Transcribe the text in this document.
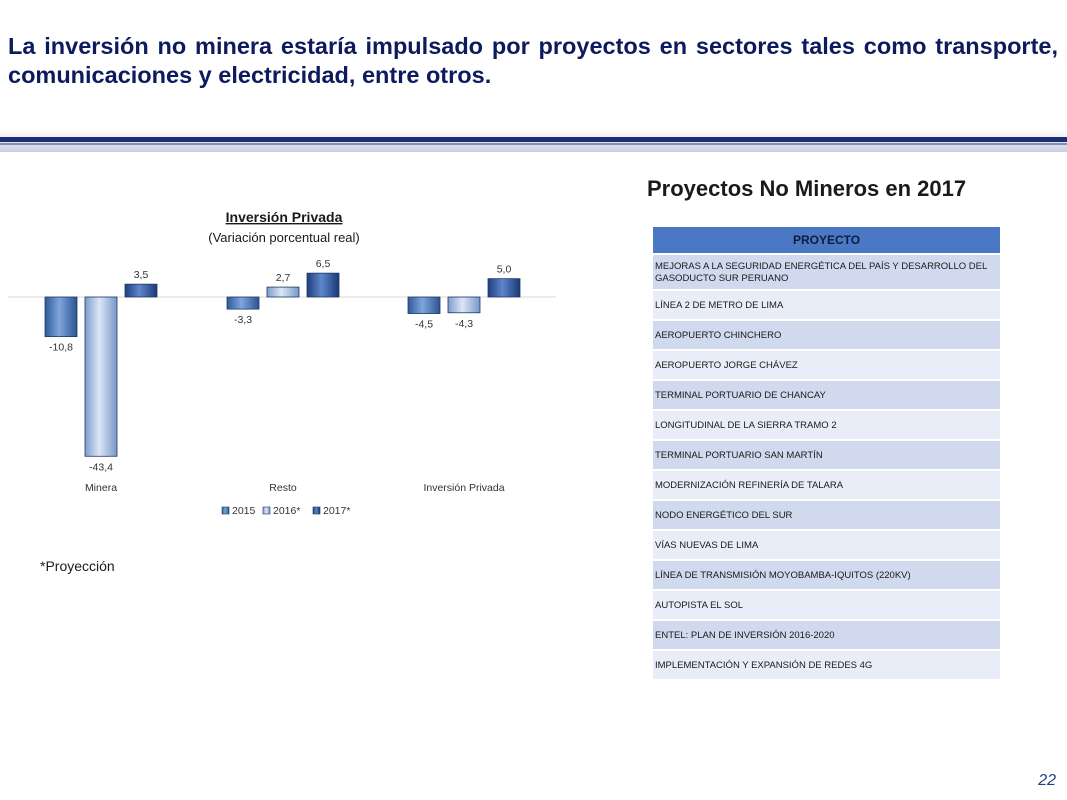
La inversión no minera estaría impulsado por proyectos en sectores tales como transporte, comunicaciones y electricidad, entre otros.
Inversión Privada
(Variación porcentual real)
-10,8
-43,4
3,5
-3,3
2,7
6,5
-4,5 -4,3
5,0
Minera	Resto	Inversión Privada
2015 2016* 2017*
*Proyección
Proyectos No Mineros en 2017
PROYECTO
MEJORAS A LA SEGURIDAD ENERGÉTICA DEL PAÍS Y DESARROLLO DEL GASODUCTO SUR PERUANO
LÍNEA 2 DE METRO DE LIMA
AEROPUERTO CHINCHERO
AEROPUERTO JORGE CHÁVEZ
TERMINAL PORTUARIO DE CHANCAY
LONGITUDINAL DE LA SIERRA TRAMO 2
TERMINAL PORTUARIO SAN MARTÍN
MODERNIZACIÓN REFINERÍA DE TALARA
NODO ENERGÉTICO DEL SUR
VÍAS NUEVAS DE LIMA
LÍNEA DE TRANSMISIÓN MOYOBAMBA-IQUITOS (220KV)
AUTOPISTA EL SOL
ENTEL: PLAN DE INVERSIÓN 2016-2020
IMPLEMENTACIÓN Y EXPANSIÓN DE REDES 4G
22
